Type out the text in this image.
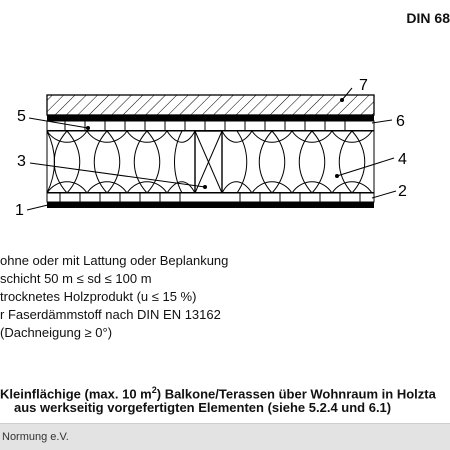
DIN 68
7
6
5
3	4
2
1
ohne oder mit Lattung oder Beplankung
schicht 50 m ≤ sd ≤ 100 m
trocknetes Holzprodukt (u ≤ 15 %)
r Faserdämmstoff nach DIN EN 13162
(Dachneigung ≥ 0°)
Kleinflächige (max. 10 $m^2$) Balkone/Terassen über Wohnraum in Holzta
aus werkseitig vorgefertigten Elementen (siehe 5.2.4 und 6.1)
Normung e.V.
